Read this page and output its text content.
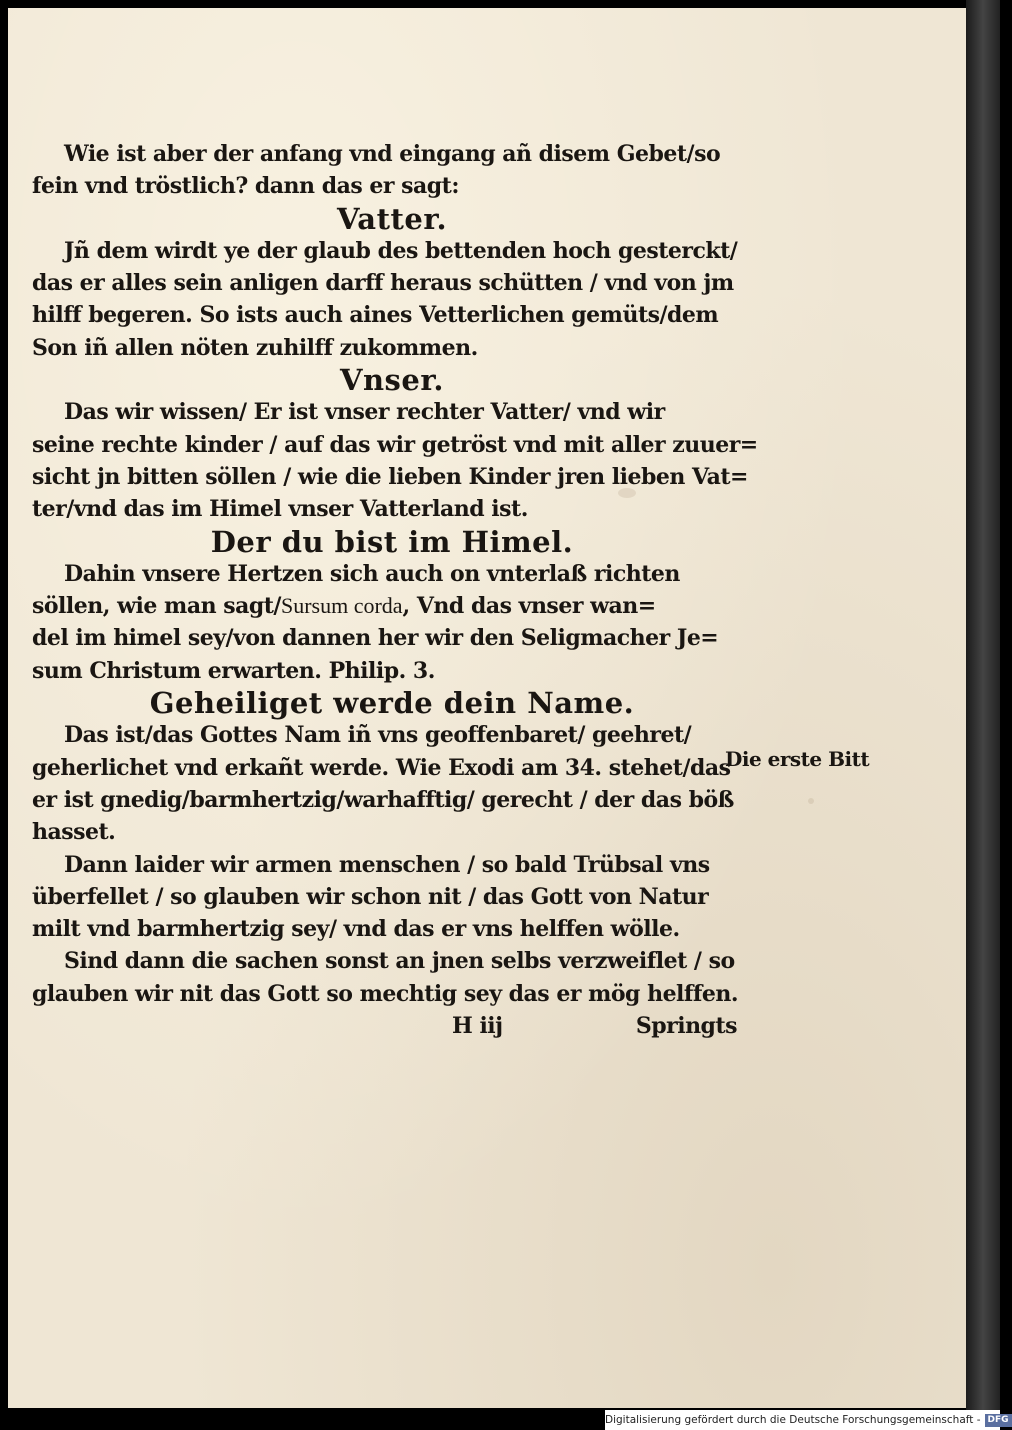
Wie ist aber der anfang vnd eingang añ disem Gebet/so
fein vnd tröstlich? dann das er sagt:
Vatter.
Jñ dem wirdt ye der glaub des bettenden hoch gesterckt/
das er alles sein anligen darff heraus schütten / vnd von jm
hilff begeren. So ists auch aines Vetterlichen gemüts/dem
Son iñ allen nöten zuhilff zukommen.
Vnser.
Das wir wissen/ Er ist vnser rechter Vatter/ vnd wir
seine rechte kinder / auf das wir getröst vnd mit aller zuuer=
sicht jn bitten söllen / wie die lieben Kinder jren lieben Vat=
ter/vnd das im Himel vnser Vatterland ist.
Der du bist im Himel.
Dahin vnsere Hertzen sich auch on vnterlaß richten
söllen, wie man sagt/Sursum corda, Vnd das vnser wan=
del im himel sey/von dannen her wir den Seligmacher Je=
sum Christum erwarten. Philip. 3.
Geheiliget werde dein Name.
Das ist/das Gottes Nam iñ vns geoffenbaret/ geehret/
geherlichet vnd erkañt werde. Wie Exodi am 34. stehet/das
er ist gnedig/barmhertzig/warhafftig/ gerecht / der das böß
hasset.
Dann laider wir armen menschen / so bald Trübsal vns
überfellet / so glauben wir schon nit / das Gott von Natur
milt vnd barmhertzig sey/ vnd das er vns helffen wölle.
Sind dann die sachen sonst an jnen selbs verzweiflet / so
glauben wir nit das Gott so mechtig sey das er mög helffen.
H iij	Springts
Die erste Bitt
Digitalisierung gefördert durch die Deutsche Forschungsgemeinschaft - DFG
